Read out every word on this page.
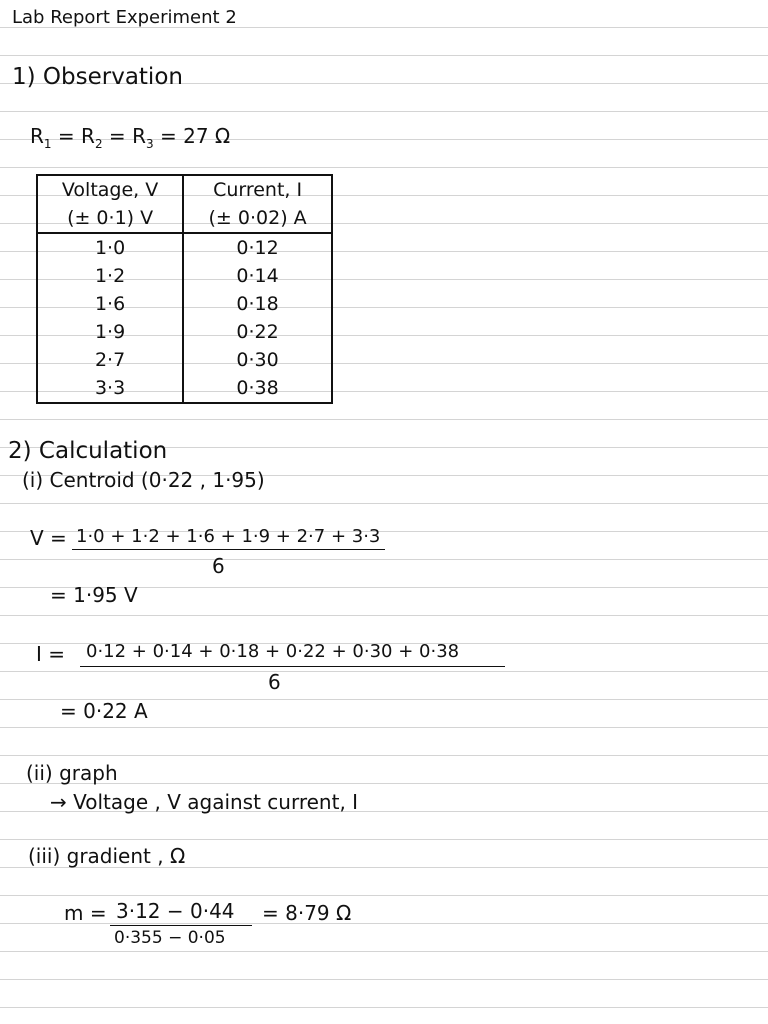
Lab Report Experiment 2
1) Observation
$R_1 = R_2 = R_3 = 27$ Ω
Voltage, V	Current, I
(± 0·1) V	(± 0·02) A
1·0	0·12
1·2	0·14
1·6	0·18
1·9	0·22
2·7	0·30
3·3	0·38
2) Calculation
(i) Centroid (0·22 , 1·95)
V = 1·0 + 1·2 + 1·6 + 1·9 + 2·7 + 3·3
6
= 1·95 V
I = 0·12 + 0·14 + 0·18 + 0·22 + 0·30 + 0·38
6
= 0·22 A
(ii) graph
→ Voltage , V against current, I
(iii) gradient , Ω
m = 3·12 − 0·44
0·355 − 0·05
= 8·79 Ω
